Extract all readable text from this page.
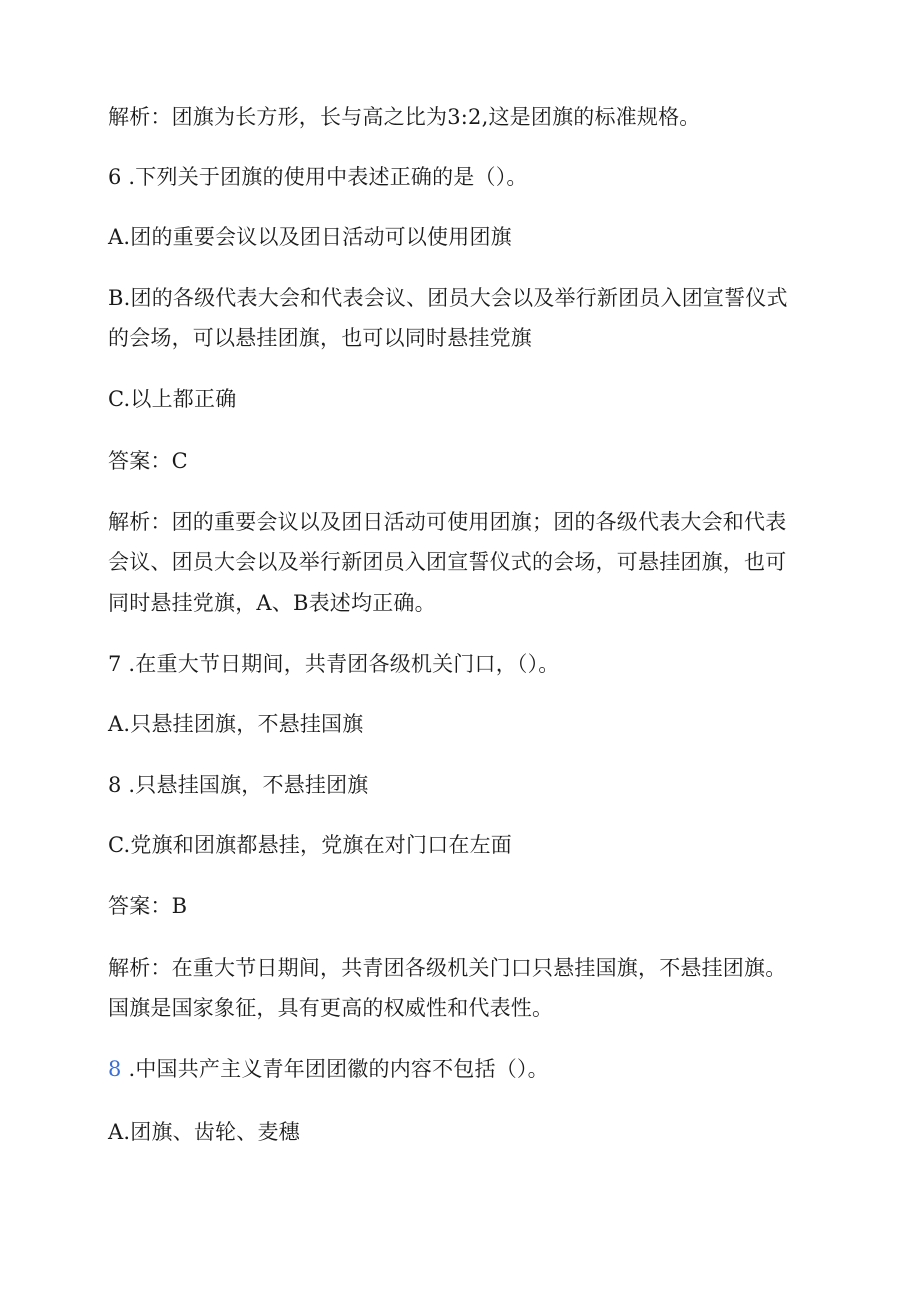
解析：团旗为长方形，长与高之比为3:2,这是团旗的标准规格。

6 .下列关于团旗的使用中表述正确的是（）。

A.团的重要会议以及团日活动可以使用团旗

B.团的各级代表大会和代表会议、团员大会以及举行新团员入团宣誓仪式

的会场，可以悬挂团旗，也可以同时悬挂党旗

C.以上都正确

答案：C

解析：团的重要会议以及团日活动可使用团旗；团的各级代表大会和代表

会议、团员大会以及举行新团员入团宣誓仪式的会场，可悬挂团旗，也可

同时悬挂党旗，A、B表述均正确。

7 .在重大节日期间，共青团各级机关门口，（）。

A.只悬挂团旗，不悬挂国旗

8 .只悬挂国旗，不悬挂团旗

C.党旗和团旗都悬挂，党旗在对门口在左面

答案：B

解析：在重大节日期间，共青团各级机关门口只悬挂国旗，不悬挂团旗。

国旗是国家象征，具有更高的权威性和代表性。

8 .中国共产主义青年团团徽的内容不包括（）。

A.团旗、齿轮、麦穗
